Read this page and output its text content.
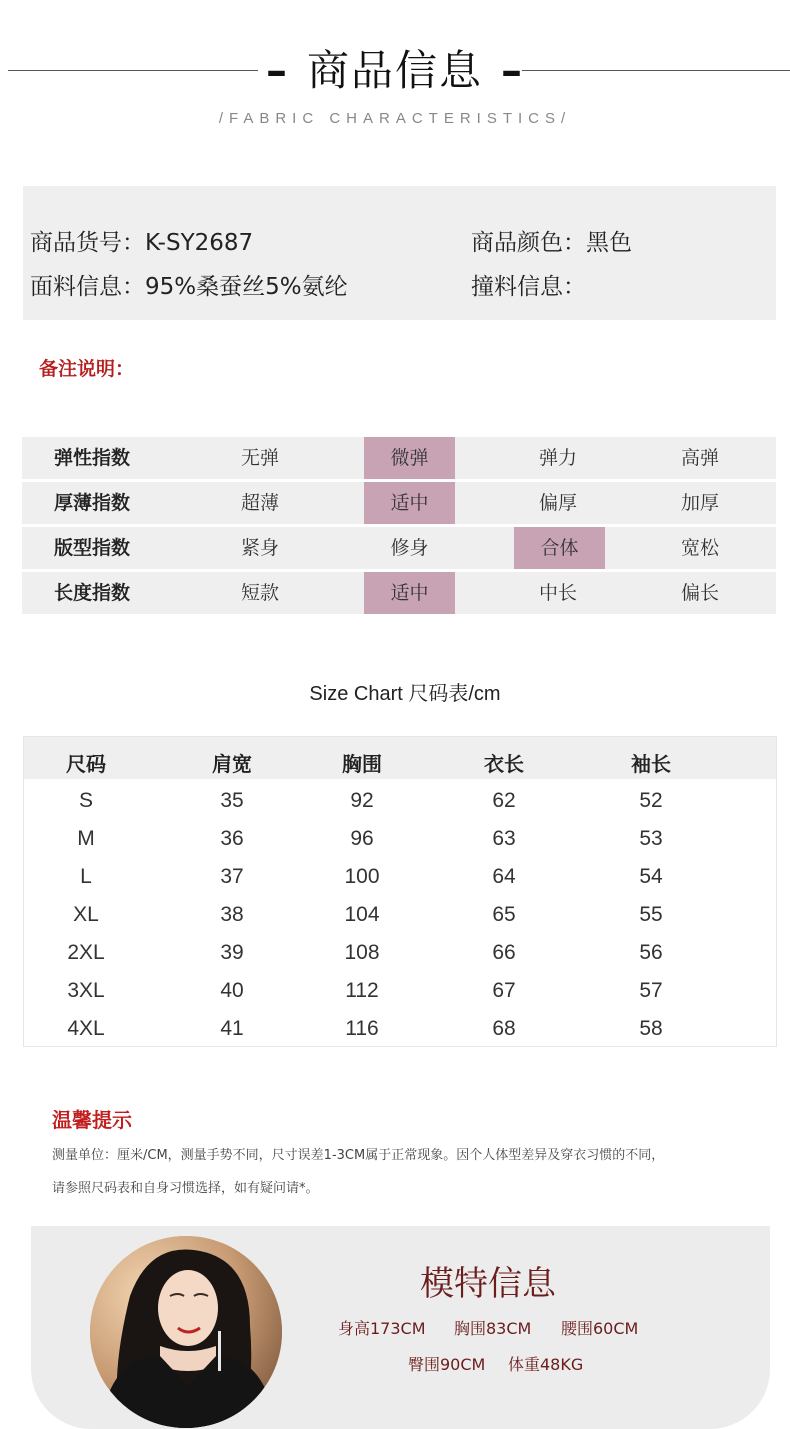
– 商品信息 –
/FABRIC CHARACTERISTICS/
商品货号：K-SY2687	商品颜色：黑色
面料信息：95%桑蚕丝5%氨纶	撞料信息：
备注说明：
弹性指数	无弹	微弹	弹力	高弹
厚薄指数	超薄	适中	偏厚	加厚
版型指数	紧身	修身	合体	宽松
长度指数	短款	适中	中长	偏长
Size Chart 尺码表/cm
尺码	肩宽	胸围	衣长	袖长
S	35	92	62	52
M	36	96	63	53
L	37	100	64	54
XL	38	104	65	55
2XL	39	108	66	56
3XL	40	112	67	57
4XL	41	116	68	58
温馨提示
测量单位：厘米/CM，测量手势不同，尺寸误差1-3CM属于正常现象。因个人体型差异及穿衣习惯的不同，
请参照尺码表和自身习惯选择，如有疑问请*。
模特信息
身高173CM 胸围83CM 腰围60CM
臀围90CM 体重48KG
